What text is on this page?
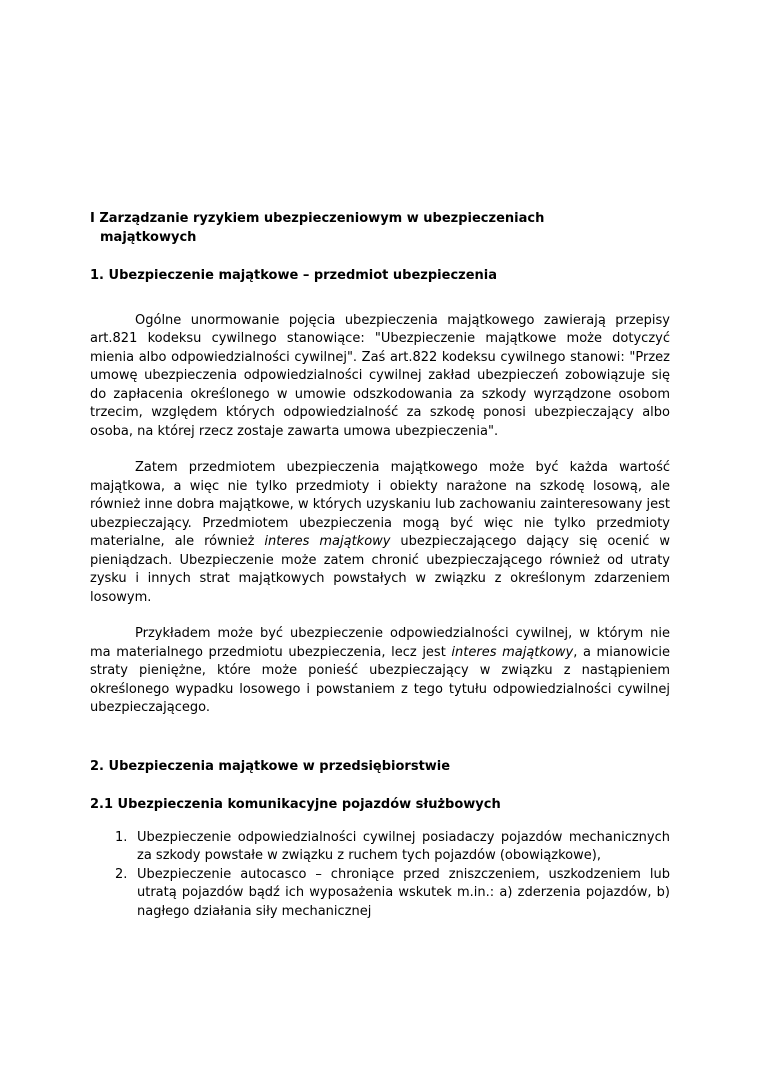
I Zarządzanie ryzykiem ubezpieczeniowym w ubezpieczeniach
majątkowych
1. Ubezpieczenie majątkowe – przedmiot ubezpieczenia

Ogólne unormowanie pojęcia ubezpieczenia majątkowego zawierają przepisy art.821 kodeksu cywilnego stanowiące: "Ubezpieczenie majątkowe może dotyczyć mienia albo odpowiedzialności cywilnej". Zaś art.822 kodeksu cywilnego stanowi: "Przez umowę ubezpieczenia odpowiedzialności cywilnej zakład ubezpieczeń zobowiązuje się do zapłacenia określonego w umowie odszkodowania za szkody wyrządzone osobom trzecim, względem których odpowiedzialność za szkodę ponosi ubezpieczający albo osoba, na której rzecz zostaje zawarta umowa ubezpieczenia".

Zatem przedmiotem ubezpieczenia majątkowego może być każda wartość majątkowa, a więc nie tylko przedmioty i obiekty narażone na szkodę losową, ale również inne dobra majątkowe, w których uzyskaniu lub zachowaniu zainteresowany jest ubezpieczający. Przedmiotem ubezpieczenia mogą być więc nie tylko przedmioty materialne, ale również interes majątkowy ubezpieczającego dający się ocenić w pieniądzach. Ubezpieczenie może zatem chronić ubezpieczającego również od utraty zysku i innych strat majątkowych powstałych w związku z określonym zdarzeniem losowym.

Przykładem może być ubezpieczenie odpowiedzialności cywilnej, w którym nie ma materialnego przedmiotu ubezpieczenia, lecz jest interes majątkowy, a mianowicie straty pieniężne, które może ponieść ubezpieczający w związku z nastąpieniem określonego wypadku losowego i powstaniem z tego tytułu odpowiedzialności cywilnej ubezpieczającego.

2. Ubezpieczenia majątkowe w przedsiębiorstwie
2.1 Ubezpieczenia komunikacyjne pojazdów służbowych
1. Ubezpieczenie odpowiedzialności cywilnej posiadaczy pojazdów mechanicznych za szkody powstałe w związku z ruchem tych pojazdów (obowiązkowe),
2. Ubezpieczenie autocasco – chroniące przed zniszczeniem, uszkodzeniem lub utratą pojazdów bądź ich wyposażenia wskutek m.in.: a) zderzenia pojazdów, b) nagłego działania siły mechanicznej
